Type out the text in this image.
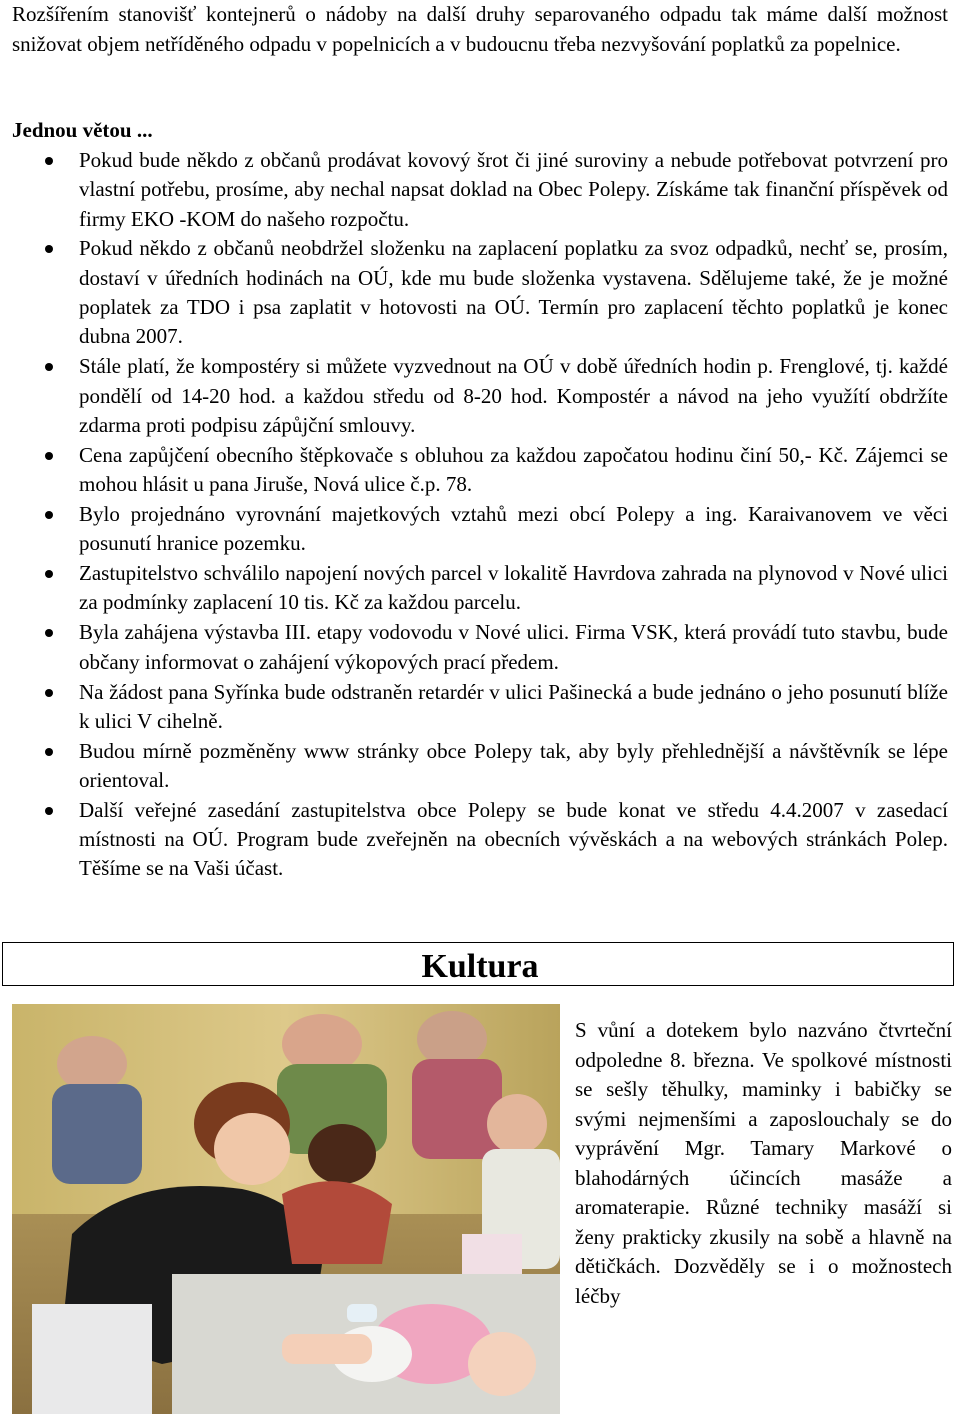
Rozšířením stanovišť kontejnerů o nádoby na další druhy separovaného odpadu tak máme další možnost snižovat objem netříděného odpadu v popelnicích a v budoucnu třeba nezvyšování poplatků za popelnice.

Jednou větou ...

Pokud bude někdo z občanů prodávat kovový šrot či jiné suroviny a nebude potřebovat potvrzení pro vlastní potřebu, prosíme, aby nechal napsat doklad na Obec Polepy. Získáme tak finanční příspěvek od firmy EKO -KOM do našeho rozpočtu.
Pokud někdo z občanů neobdržel složenku na zaplacení poplatku za svoz odpadků, nechť se, prosím, dostaví v úředních hodinách na OÚ, kde mu bude složenka vystavena. Sdělujeme také, že je možné poplatek za TDO i psa zaplatit v hotovosti na OÚ. Termín pro zaplacení těchto poplatků je konec dubna 2007.
Stále platí, že kompostéry si můžete vyzvednout na OÚ v době úředních hodin p. Frenglové, tj. každé pondělí od 14-20 hod. a každou středu od 8-20 hod. Kompostér a návod na jeho využítí obdržíte zdarma proti podpisu zápůjční smlouvy.
Cena zapůjčení obecního štěpkovače s obluhou za každou započatou hodinu činí 50,- Kč. Zájemci se mohou hlásit u pana Jiruše, Nová ulice č.p. 78.
Bylo projednáno vyrovnání majetkových vztahů mezi obcí Polepy a ing. Karaivanovem ve věci posunutí hranice pozemku.
Zastupitelstvo schválilo napojení nových parcel v lokalitě Havrdova zahrada na plynovod v Nové ulici za podmínky zaplacení 10 tis. Kč za každou parcelu.
Byla zahájena výstavba III. etapy vodovodu v Nové ulici. Firma VSK, která provádí tuto stavbu, bude občany informovat o zahájení výkopových prací předem.
Na žádost pana Syřínka bude odstraněn retardér v ulici Pašinecká a bude jednáno o jeho posunutí blíže k ulici V cihelně.
Budou mírně pozměněny www stránky obce Polepy tak, aby byly přehlednější a návštěvník se lépe orientoval.
Další veřejné zasedání zastupitelstva obce Polepy se bude konat ve středu 4.4.2007 v zasedací místnosti na OÚ. Program bude zveřejněn na obecních vývěskách a na webových stránkách Polep. Těšíme se na Vaši účast.
Kultura

S vůní a dotekem bylo nazváno čtvrteční odpoledne 8. března. Ve spolkové místnosti se sešly těhulky, maminky i babičky se svými nejmenšími a zaposlouchaly se do vyprávění Mgr. Tamary Markové o blahodárných účincích masáže a aromaterapie. Různé techniky masáží si ženy prakticky zkusily na sobě a hlavně na dětičkách. Dozvěděly se i o možnostech léčby
